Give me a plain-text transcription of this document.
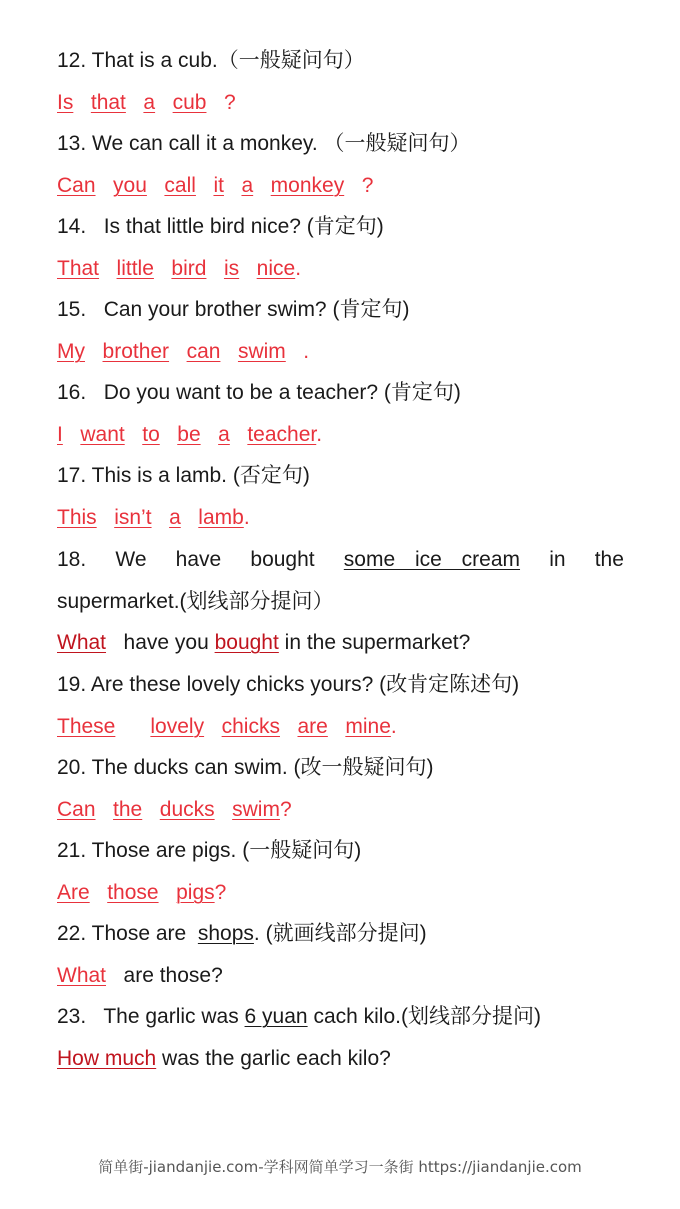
12. That is a cub.（一般疑问句）
Is that a cub ?
13. We can call it a monkey. （一般疑问句）
Can you call it a monkey ?
14.   Is that little bird nice? (肯定句)
That little bird is nice.
15.   Can your brother swim? (肯定句)
My brother can swim .
16.   Do you want to be a teacher? (肯定句)
I want to be a teacher.
17. This is a lamb. (否定句)
This isn’t a lamb.
18. We have bought some ice cream in the
supermarket.(划线部分提问）
What   have you bought in the supermarket?
19. Are these lovely chicks yours? (改肯定陈述句)
These lovely chicks are mine.
20. The ducks can swim. (改一般疑问句)
Can the ducks swim?
21. Those are pigs. (一般疑问句)
Are those pigs?
22. Those are  shops. (就画线部分提问)
What are those?
23.   The garlic was 6 yuan cach kilo.(划线部分提问)
How much was the garlic each kilo?
简单街-jiandanjie.com-学科网简单学习一条街 https://jiandanjie.com
